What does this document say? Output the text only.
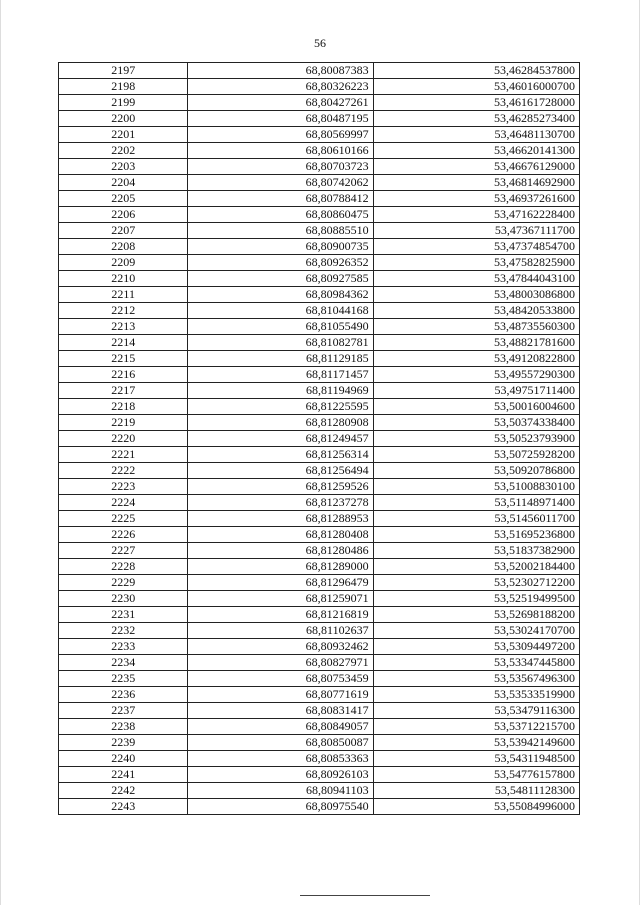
56
2197	68,80087383	53,46284537800
2198	68,80326223	53,46016000700
2199	68,80427261	53,46161728000
2200	68,80487195	53,46285273400
2201	68,80569997	53,46481130700
2202	68,80610166	53,46620141300
2203	68,80703723	53,46676129000
2204	68,80742062	53,46814692900
2205	68,80788412	53,46937261600
2206	68,80860475	53,47162228400
2207	68,80885510	53,47367111700
2208	68,80900735	53,47374854700
2209	68,80926352	53,47582825900
2210	68,80927585	53,47844043100
2211	68,80984362	53,48003086800
2212	68,81044168	53,48420533800
2213	68,81055490	53,48735560300
2214	68,81082781	53,48821781600
2215	68,81129185	53,49120822800
2216	68,81171457	53,49557290300
2217	68,81194969	53,49751711400
2218	68,81225595	53,50016004600
2219	68,81280908	53,50374338400
2220	68,81249457	53,50523793900
2221	68,81256314	53,50725928200
2222	68,81256494	53,50920786800
2223	68,81259526	53,51008830100
2224	68,81237278	53,51148971400
2225	68,81288953	53,51456011700
2226	68,81280408	53,51695236800
2227	68,81280486	53,51837382900
2228	68,81289000	53,52002184400
2229	68,81296479	53,52302712200
2230	68,81259071	53,52519499500
2231	68,81216819	53,52698188200
2232	68,81102637	53,53024170700
2233	68,80932462	53,53094497200
2234	68,80827971	53,53347445800
2235	68,80753459	53,53567496300
2236	68,80771619	53,53533519900
2237	68,80831417	53,53479116300
2238	68,80849057	53,53712215700
2239	68,80850087	53,53942149600
2240	68,80853363	53,54311948500
2241	68,80926103	53,54776157800
2242	68,80941103	53,54811128300
2243	68,80975540	53,55084996000
